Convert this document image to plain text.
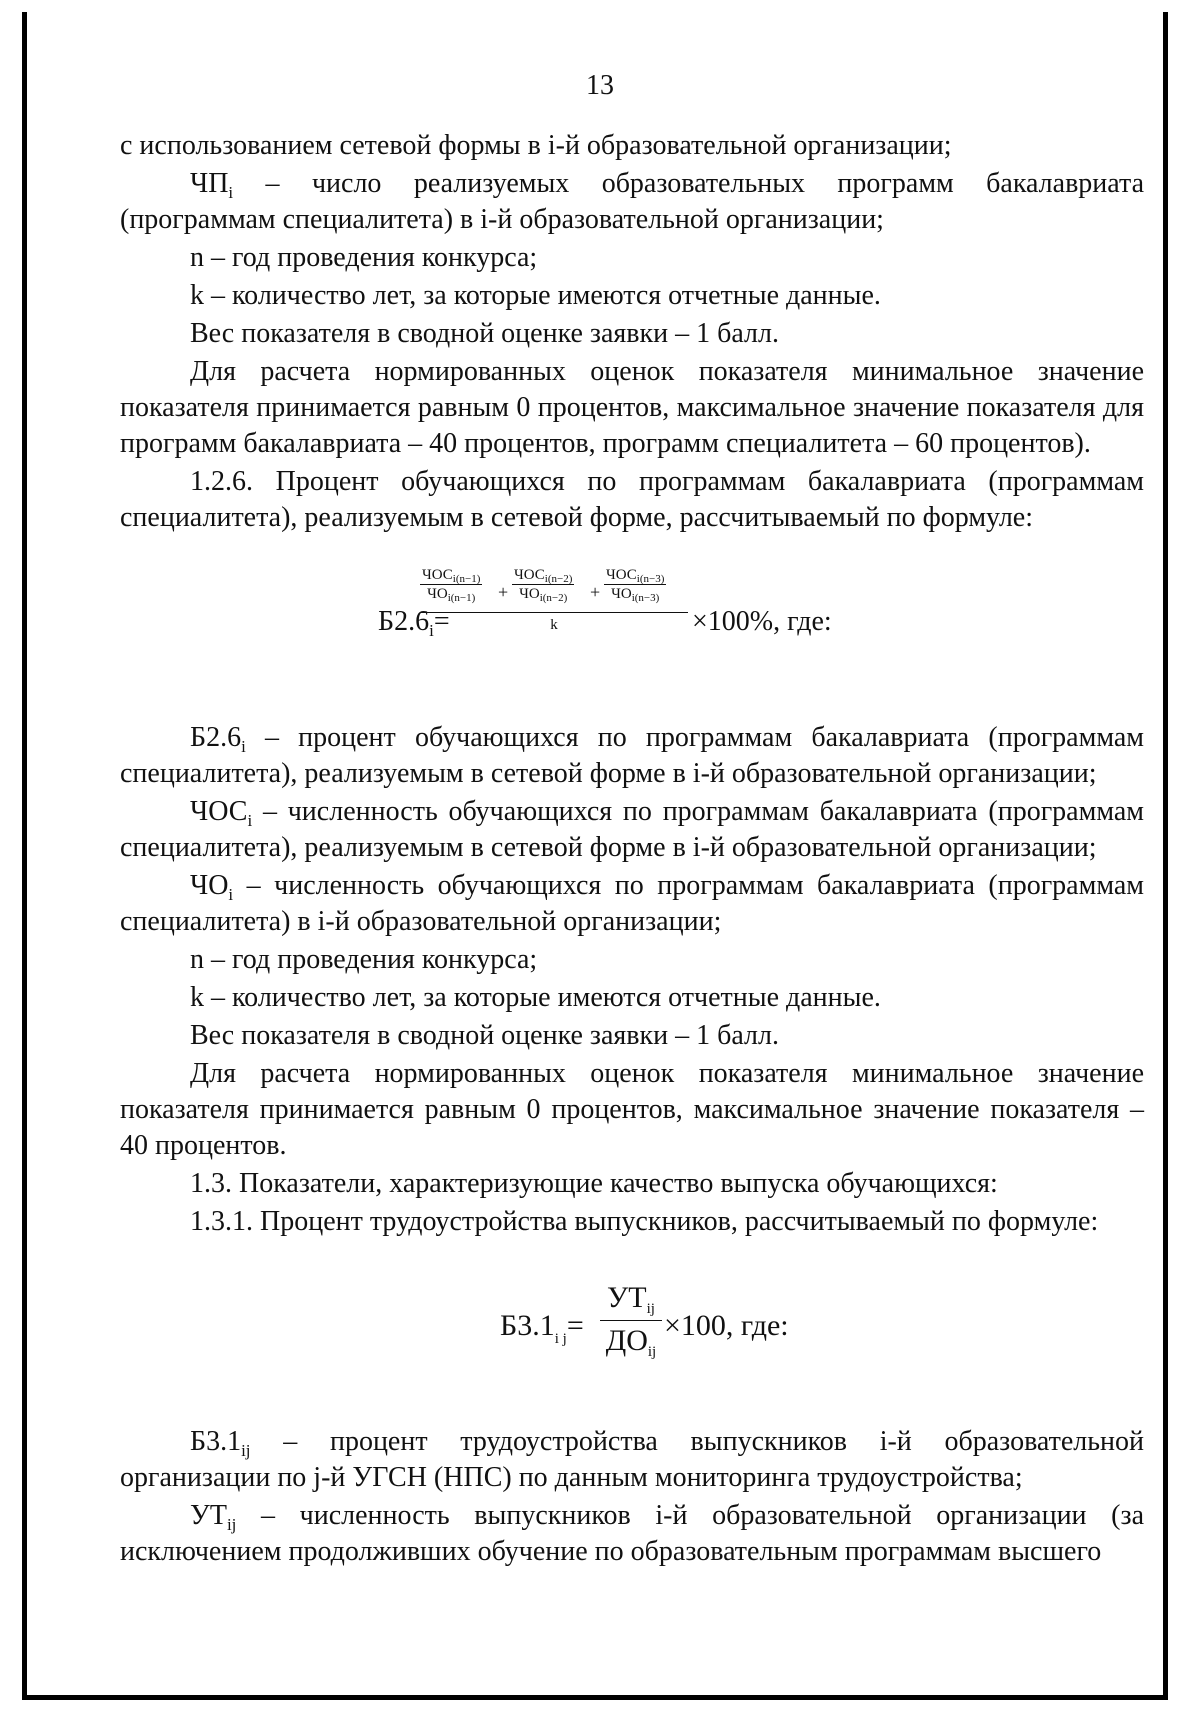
13

с использованием сетевой формы в i-й образовательной организации;

$ЧП_i$ – число реализуемых образовательных программ бакалавриата (программам специалитета) в i-й образовательной организации;

n – год проведения конкурса;

k – количество лет, за которые имеются отчетные данные.

Вес показателя в сводной оценке заявки – 1 балл.

Для расчета нормированных оценок показателя минимальное значение показателя принимается равным 0 процентов, максимальное значение показателя для программ бакалавриата – 40 процентов, программ специалитета – 60 процентов).

1.2.6. Процент обучающихся по программам бакалавриата (программам специалитета), реализуемым в сетевой форме, рассчитываемый по формуле:

$Б2.6_i=$
$ЧОС_{i(n-1)}$
$ЧО_{i(n-1)}$	+
$ЧОС_{i(n-2)}$
$ЧО_{i(n-2)}$	+
$ЧОС_{i(n-3)}$
$ЧО_{i(n-3)}$
k	×100%, где:

$Б2.6_i$ – процент обучающихся по программам бакалавриата (программам специалитета), реализуемым в сетевой форме в i-й образовательной организации;

$ЧОС_i$ – численность обучающихся по программам бакалавриата (программам специалитета), реализуемым в сетевой форме в i-й образовательной организации;

$ЧО_i$ – численность обучающихся по программам бакалавриата (программам специалитета) в i-й образовательной организации;

n – год проведения конкурса;

k – количество лет, за которые имеются отчетные данные.

Вес показателя в сводной оценке заявки – 1 балл.

Для расчета нормированных оценок показателя минимальное значение показателя принимается равным 0 процентов, максимальное значение показателя – 40 процентов.

1.3. Показатели, характеризующие качество выпуска обучающихся:

1.3.1. Процент трудоустройства выпускников, рассчитываемый по формуле:

$Б3.1_{i j}=$
$УТ_{ij}$
$ДО_{ij}$
×100, где:

$Б3.1_{ij}$ – процент трудоустройства выпускников i-й образовательной организации по j-й УГСН (НПС) по данным мониторинга трудоустройства;

$УТ_{ij}$ – численность выпускников i-й образовательной организации (за исключением продолживших обучение по образовательным программам высшего
